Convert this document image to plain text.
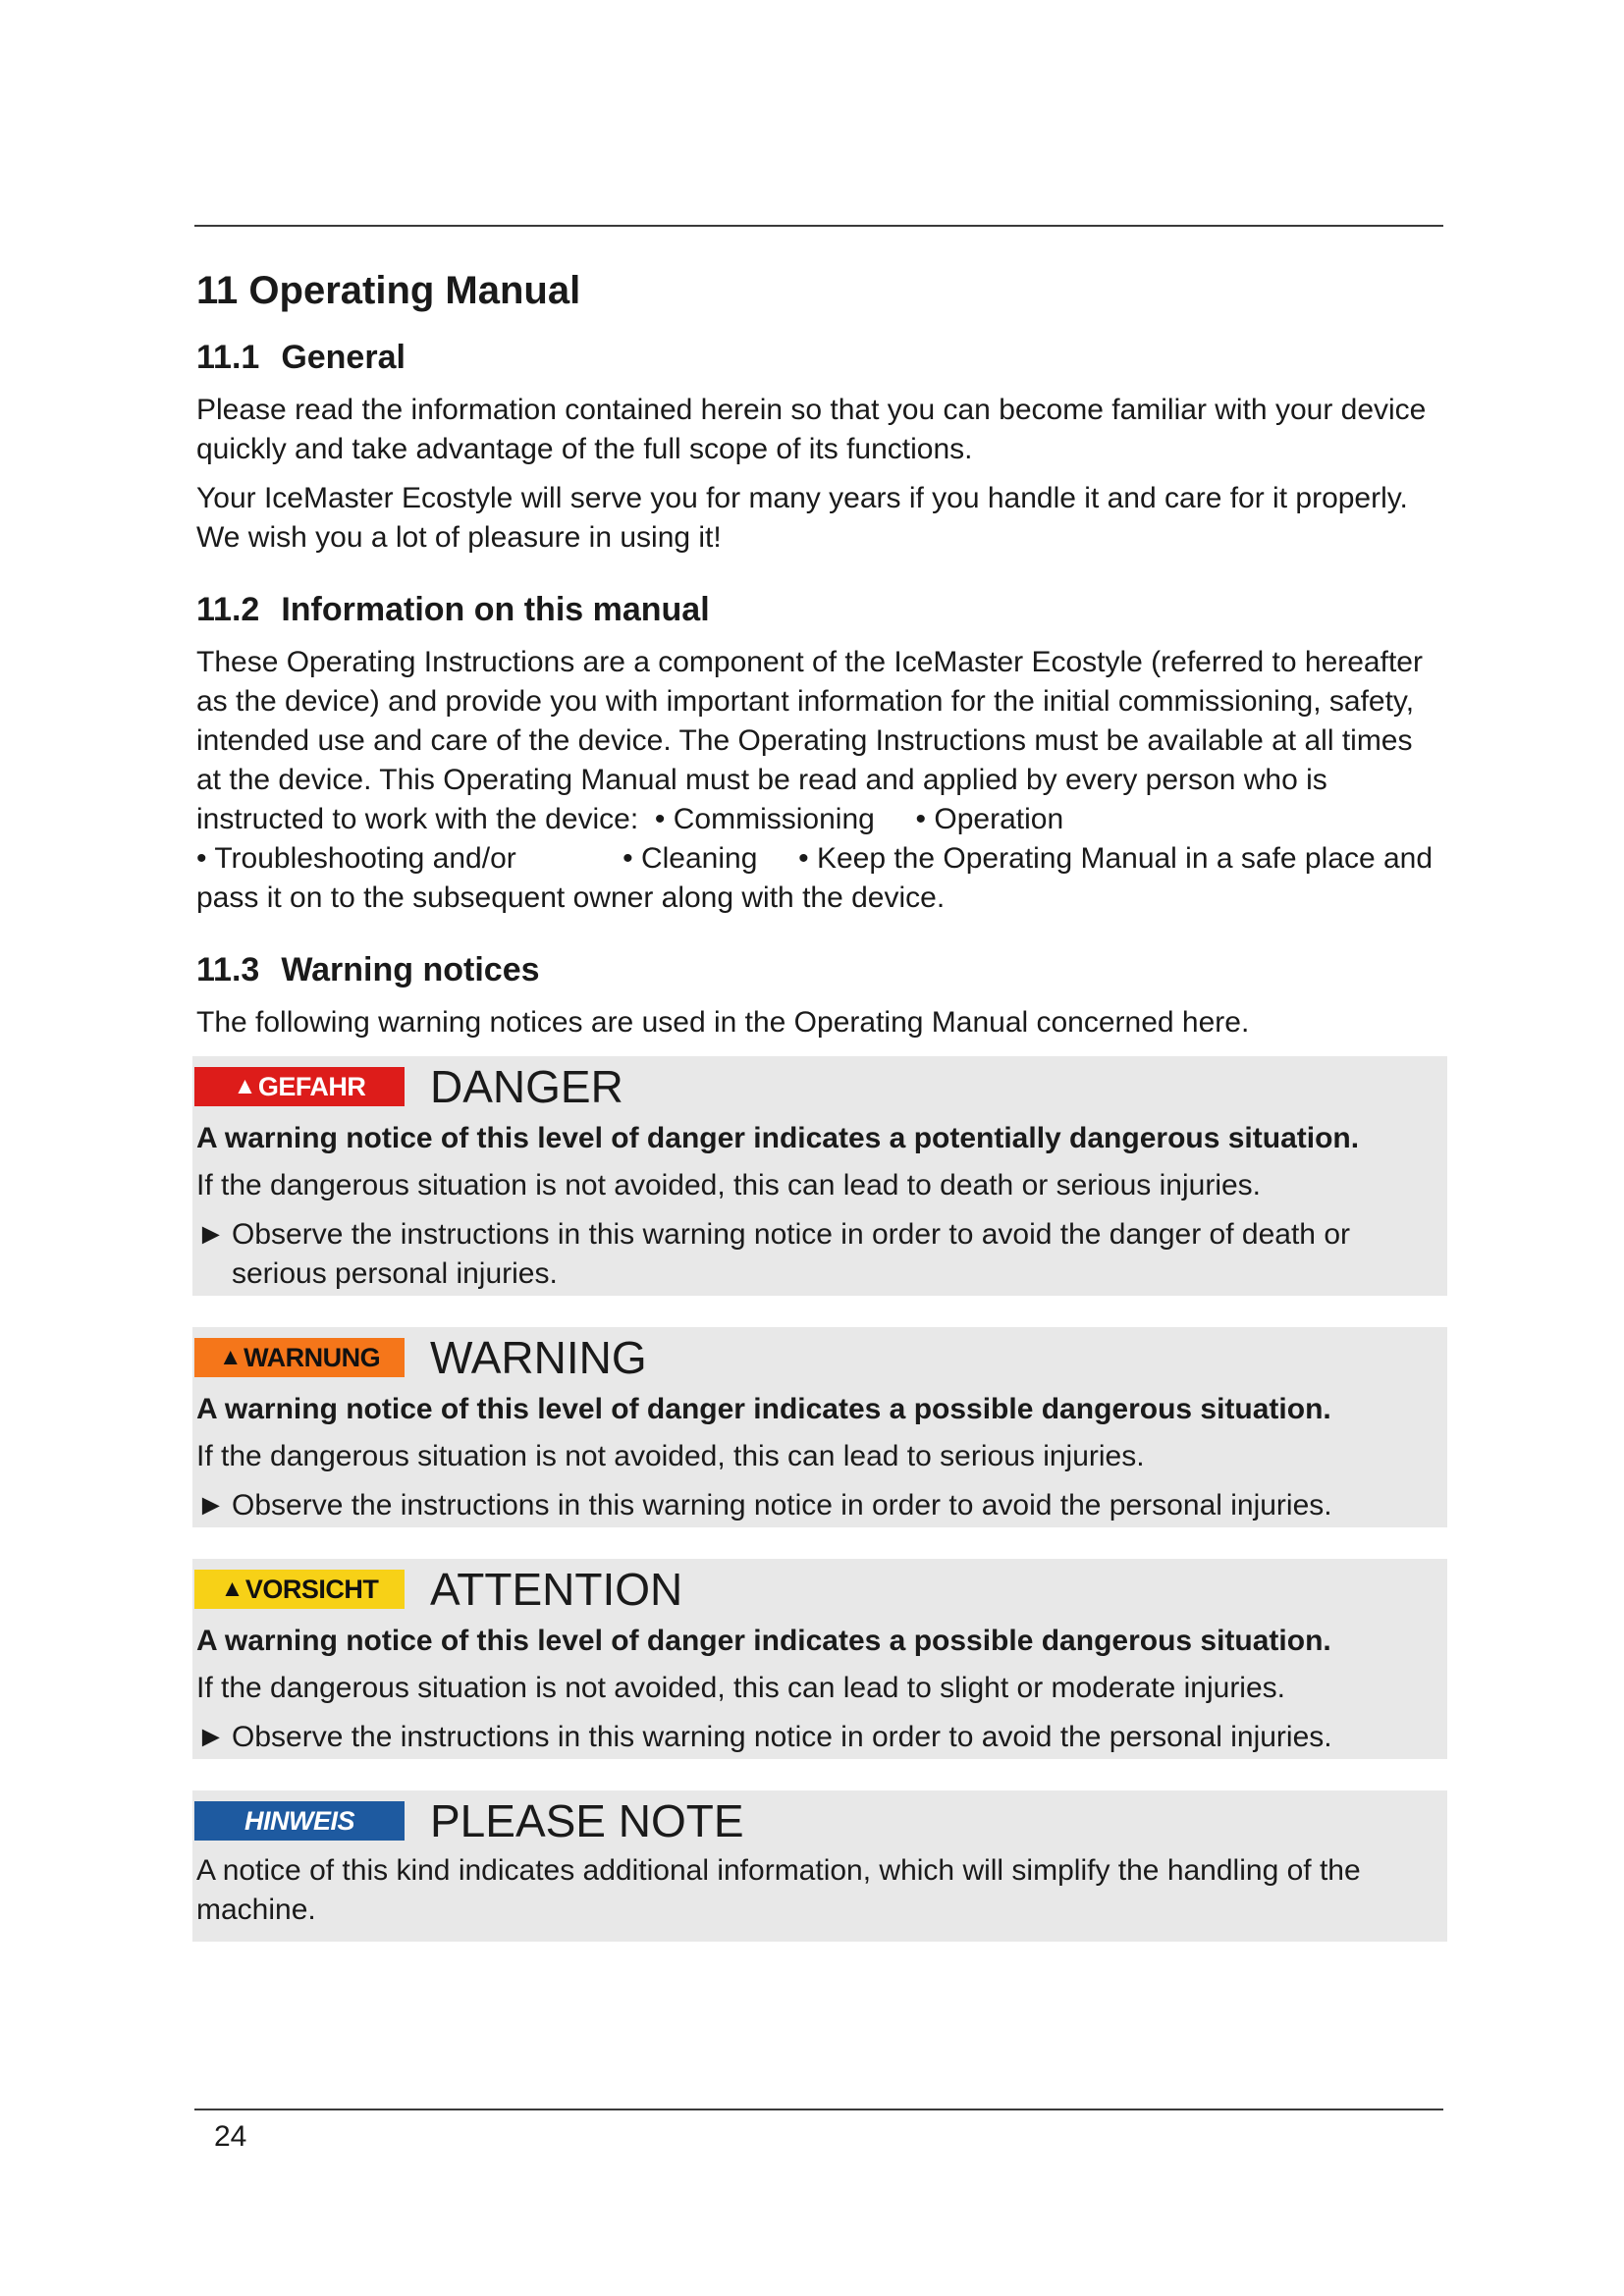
11 Operating Manual
11.1 General

Please read the information contained herein so that you can become familiar with your device quickly and take advantage of the full scope of its functions.

Your IceMaster Ecostyle will serve you for many years if you handle it and care for it properly. We wish you a lot of pleasure in using it!

11.2 Information on this manual

These Operating Instructions are a component of the IceMaster Ecostyle (referred to hereafter as the device) and provide you with important information for the initial commissioning, safety, intended use and care of the device. The Operating Instructions must be available at all times at the device. This Operating Manual must be read and applied by every person who is instructed to work with the device: • Commissioning • Operation      • Troubleshooting and/or	• Cleaning • Keep the Operating Manual in a safe place and pass it on to the subsequent owner along with the device.

11.3 Warning notices

The following warning notices are used in the Operating Manual concerned here.

▲ GEFAHR DANGER
A warning notice of this level of danger indicates a potentially dangerous situation.

If the dangerous situation is not avoided, this can lead to death or serious injuries.

► Observe the instructions in this warning notice in order to avoid the danger of death or serious personal injuries.
▲ WARNUNG WARNING
A warning notice of this level of danger indicates a possible dangerous situation.

If the dangerous situation is not avoided, this can lead to serious injuries.

► Observe the instructions in this warning notice in order to avoid the personal injuries.
▲ VORSICHT ATTENTION
A warning notice of this level of danger indicates a possible dangerous situation.

If the dangerous situation is not avoided, this can lead to slight or moderate injuries.

► Observe the instructions in this warning notice in order to avoid the personal injuries.
HINWEIS PLEASE NOTE

A notice of this kind indicates additional information, which will simplify the handling of the machine.

24
